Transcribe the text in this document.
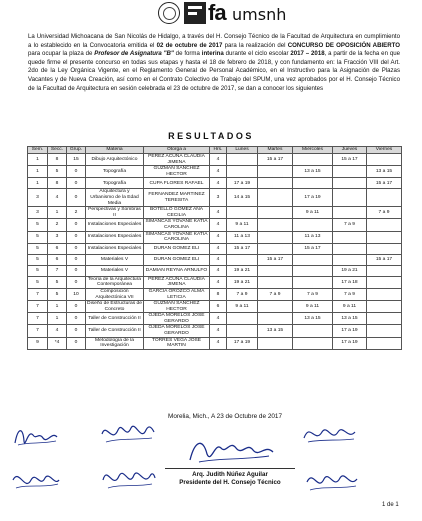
fa umsnh
La Universidad Michoacana de San Nicolás de Hidalgo, a través del H. Consejo Técnico de la Facultad de Arquitectura en cumplimiento a lo establecido en la Convocatoria emitida el 02 de octubre de 2017 para la realización del CONCURSO DE OPOSICIÓN ABIERTO para ocupar la plaza de Profesor de Asignatura "B" de forma interina durante el ciclo escolar 2017 – 2018, a partir de la fecha en que quede firme el presente concurso en todas sus etapas y hasta el 18 de febrero de 2018, y con fundamento en: la Fracción VIII del Art. 2do de la Ley Orgánica Vigente, en el Reglamento General de Personal Académico, en el Instructivo para la Asignación de Plazas Vacantes y de Nueva Creación, así como en el Contrato Colectivo de Trabajo del SPUM, una vez aprobados por el H. Consejo Técnico de la Facultad de Arquitectura en sesión celebrada el 23 de octubre de 2017, se dan a conocer los siguientes
RESULTADOS
Sem.	Secc.	Grup.	Materia	Otorga a	Hrs.	Lunes	Martes	Miércoles	Jueves	Viernes
1	8	15	Dibujo Arquitectónico	PEREZ ACUÑA CLAUDIA JIMENA	4		15 a 17		15 a 17	
1	5	0	Topografía	GUZMAN SANCHEZ HECTOR	4			13 a 15		13 a 15
1	8	0	Topografía	CUPA FLORES RAFAEL	4	17 a 19				15 a 17
3	4	0	Arquitectura y Urbanismo de la Edad Media	FERNANDEZ MARTINEZ TERESITA	3	14 a 15		17 a 19		
3	1	2	Perspectivas y Sombras II	BOTELLO GOMEZ ANA CECILIA	4			9 a 11		7 a 9
5	2	0	Instalaciones Especiales	SIMANCAS YOVANE KATIA CAROLINA	4	9 a 11			7 a 9	
5	3	0	Instalaciones Especiales	SIMANCAS YOVANE KATIA CAROLINA	4	11 a 13		11 a 13		
5	6	0	Instalaciones Especiales	DURAN GOMEZ ELI	4	15 a 17		15 a 17		
5	6	0	Materiales V	DURAN GOMEZ ELI	4		15 a 17			15 a 17
5	7	0	Materiales V	DAMIAN REYNA ARNULFO	4	19 a 21			19 a 21	
5	5	0	Teoría de la Arquitectura Contemporánea	PEREZ ACUÑA CLAUDIA JIMENA	4	19 a 21			17 a 18	
7	5	10	Composición Arquitectónica VII	GARCIA OROZCO ALMA LETICIA	8	7 a 9	7 a 9	7 a 9	7 a 9	
7	1	0	Diseño de Estructuras de Concreto	GUZMAN SANCHEZ HECTOR	6	9 a 11		9 a 11	9 a 11	
7	1	0	Taller de Construcción II	OJEDA MORELOS JOSE GERARDO	4			13 a 15	13 a 15	
7	4	0	Taller de Construcción II	OJEDA MORELOS JOSE GERARDO	4		13 a 15		17 a 19	
9	*4	0	Metodología de la Investigación	TORRES VEGA JOSE MARTIN	4	17 a 19			17 a 19	
Morelia, Mich., A 23 de Octubre de 2017
Arq. Judith Núñez Aguilar
Presidente del H. Consejo Técnico
1 de 1
